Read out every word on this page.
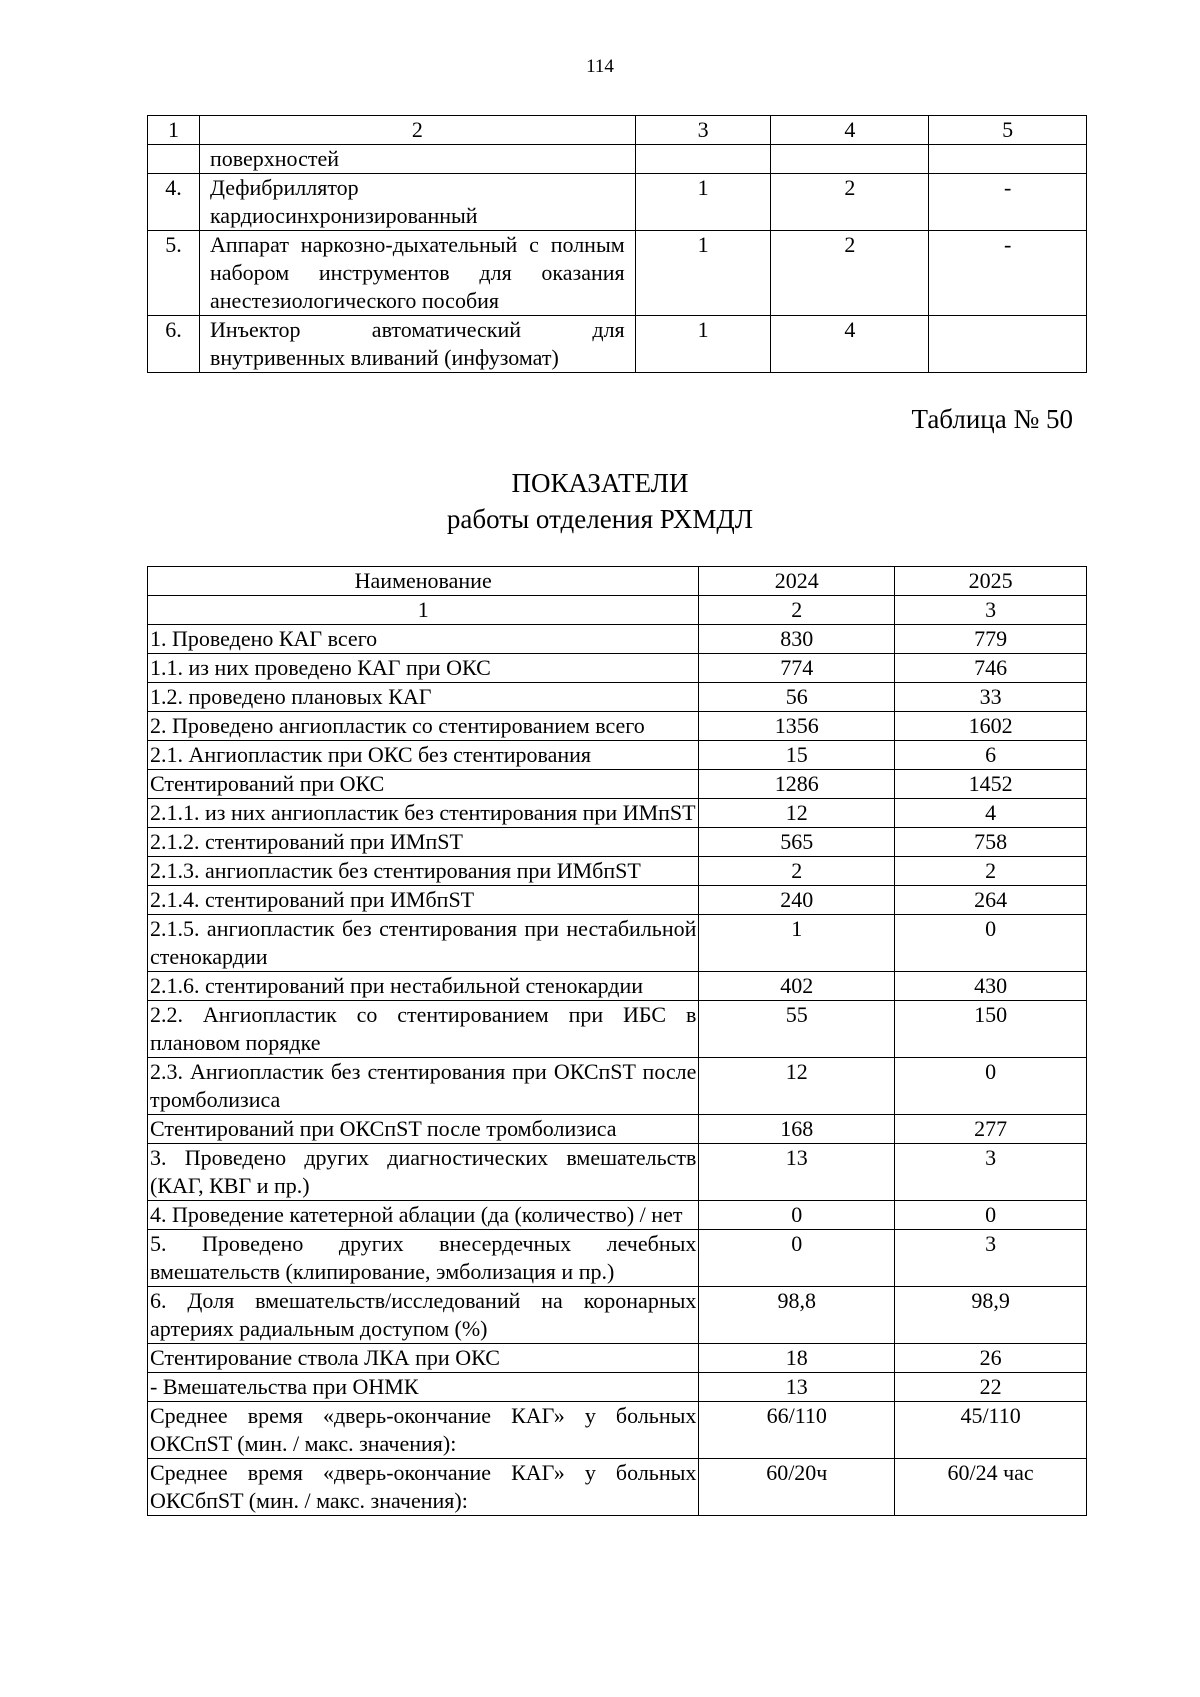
114
1	2	3	4	5
	поверхностей			
4.	Дефибриллятор кардиосинхронизированный	1	2	-
5.	Аппарат наркозно-дыхательный с полным набором инструментов для оказания анестезиологического пособия	1	2	-
6.	Инъектор автоматический для внутривенных вливаний (инфузомат)	1	4	
Таблица № 50
ПОКАЗАТЕЛИ
работы отделения РХМДЛ
Наименование	2024	2025
1	2	3
1. Проведено КАГ всего	830	779
1.1. из них проведено КАГ при ОКС	774	746
1.2. проведено плановых КАГ	56	33
2. Проведено ангиопластик со стентированием всего	1356	1602
2.1. Ангиопластик при ОКС без стентирования	15	6
Стентирований при ОКС	1286	1452
2.1.1. из них ангиопластик без стентирования при ИМпST	12	4
2.1.2. стентирований при ИМпST	565	758
2.1.3. ангиопластик без стентирования при ИМбпST	2	2
2.1.4. стентирований при ИМбпST	240	264
2.1.5. ангиопластик без стентирования при нестабильной стенокардии	1	0
2.1.6. стентирований при нестабильной стенокардии	402	430
2.2. Ангиопластик со стентированием при ИБС в плановом порядке	55	150
2.3. Ангиопластик без стентирования при ОКСпST после тромболизиса	12	0
Стентирований при ОКСпST после тромболизиса	168	277
3. Проведено других диагностических вмешательств (КАГ, КВГ и пр.)	13	3
4. Проведение катетерной аблации (да (количество) / нет	0	0
5. Проведено других внесердечных лечебных вмешательств (клипирование, эмболизация и пр.)	0	3
6. Доля вмешательств/исследований на коронарных артериях радиальным доступом (%)	98,8	98,9
Стентирование ствола ЛКА при ОКС	18	26
- Вмешательства при ОНМК	13	22
Среднее время «дверь-окончание КАГ» у больных ОКСпST (мин. / макс. значения):	66/110	45/110
Среднее время «дверь-окончание КАГ» у больных ОКСбпST (мин. / макс. значения):	60/20ч	60/24 час
